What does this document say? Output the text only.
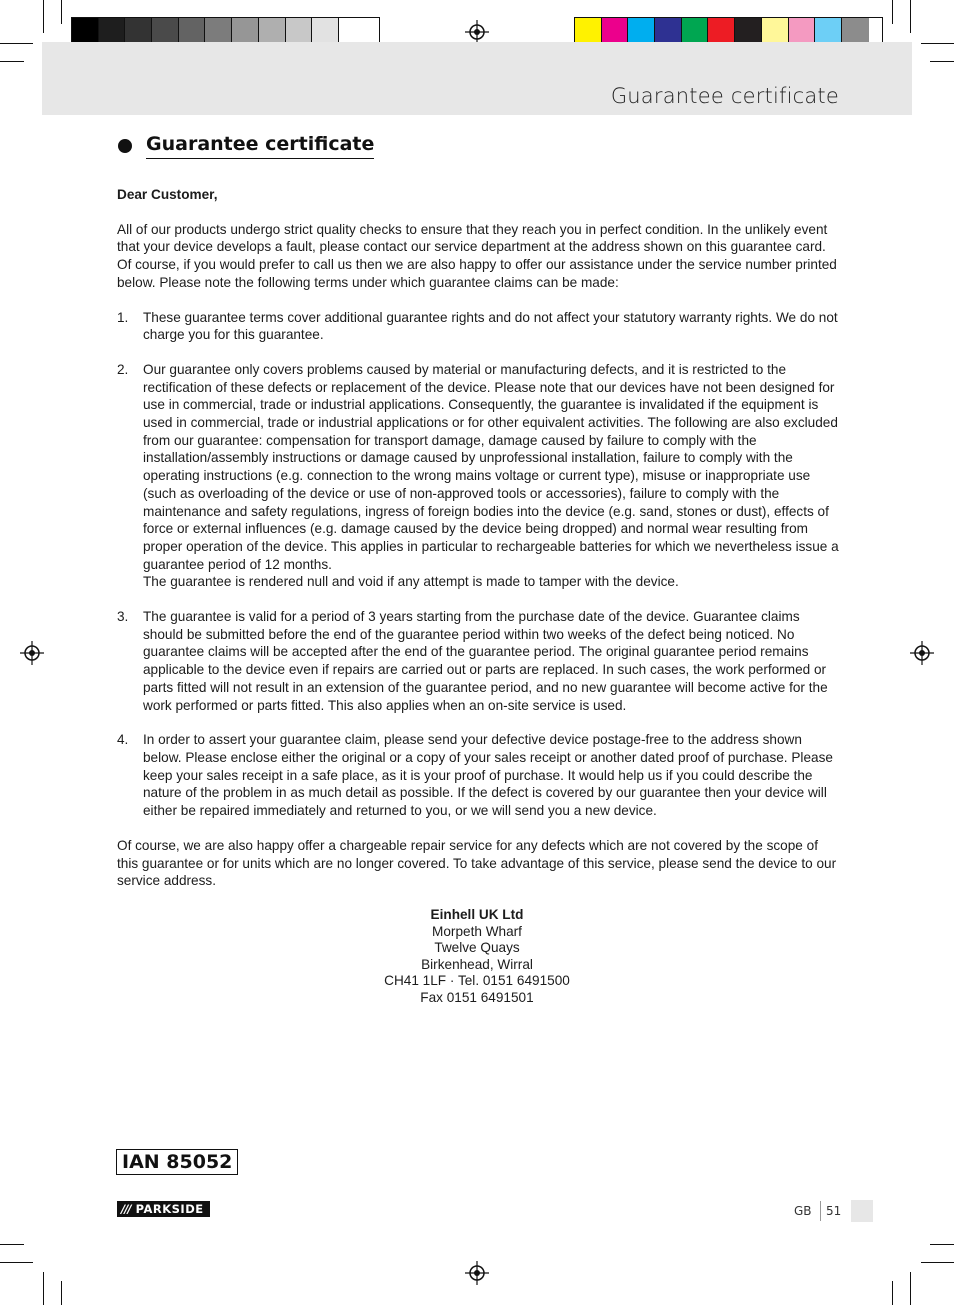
Guarantee certificate
Guarantee certificate

Dear Customer,

All of our products undergo strict quality checks to ensure that they reach you in perfect condition. In the unlikely event that your device develops a fault, please contact our service department at the address shown on this guarantee card. Of course, if you would prefer to call us then we are also happy to offer our assistance under the service number printed below. Please note the following terms under which guarantee claims can be made:

1.	These guarantee terms cover additional guarantee rights and do not affect your statutory warranty rights. We do not charge you for this guarantee.

2.	Our guarantee only covers problems caused by material or manufacturing defects, and it is restricted to the rectification of these defects or replacement of the device. Please note that our devices have not been designed for use in commercial, trade or industrial applications. Consequently, the guarantee is invalidated if the equipment is used in commercial, trade or industrial applications or for other equivalent activities. The following are also excluded from our guarantee: compensation for transport damage, damage caused by failure to comply with the installation/assembly instructions or damage caused by unprofessional installation, failure to comply with the operating instructions (e.g. connection to the wrong mains voltage or current type), misuse or inappropriate use (such as overloading of the device or use of non-approved tools or accessories), failure to comply with the maintenance and safety regulations, ingress of foreign bodies into the device (e.g. sand, stones or dust), effects of force or external influences (e.g. damage caused by the device being dropped) and normal wear resulting from proper operation of the device. This applies in particular to rechargeable batteries for which we nevertheless issue a guarantee period of 12 months.

The guarantee is rendered null and void if any attempt is made to tamper with the device.

3.	The guarantee is valid for a period of 3 years starting from the purchase date of the device. Guarantee claims should be submitted before the end of the guarantee period within two weeks of the defect being noticed. No guarantee claims will be accepted after the end of the guarantee period. The original guarantee period remains applicable to the device even if repairs are carried out or parts are replaced. In such cases, the work performed or parts fitted will not result in an extension of the guarantee period, and no new guarantee will become active for the work performed or parts fitted. This also applies when an on-site service is used.

4.	In order to assert your guarantee claim, please send your defective device postage-free to the address shown below. Please enclose either the original or a copy of your sales receipt or another dated proof of purchase. Please keep your sales receipt in a safe place, as it is your proof of purchase. It would help us if you could describe the nature of the problem in as much detail as possible. If the defect is covered by our guarantee then your device will either be repaired immediately and returned to you, or we will send you a new device.

Of course, we are also happy offer a chargeable repair service for any defects which are not covered by the scope of this guarantee or for units which are no longer covered. To take advantage of this service, please send the device to our service address.

Einhell UK Ltd
Morpeth Wharf
Twelve Quays
Birkenhead, Wirral
CH41 1LF · Tel. 0151 6491500
Fax 0151 6491501
IAN 85052
/// PARKSIDE	GB 51
